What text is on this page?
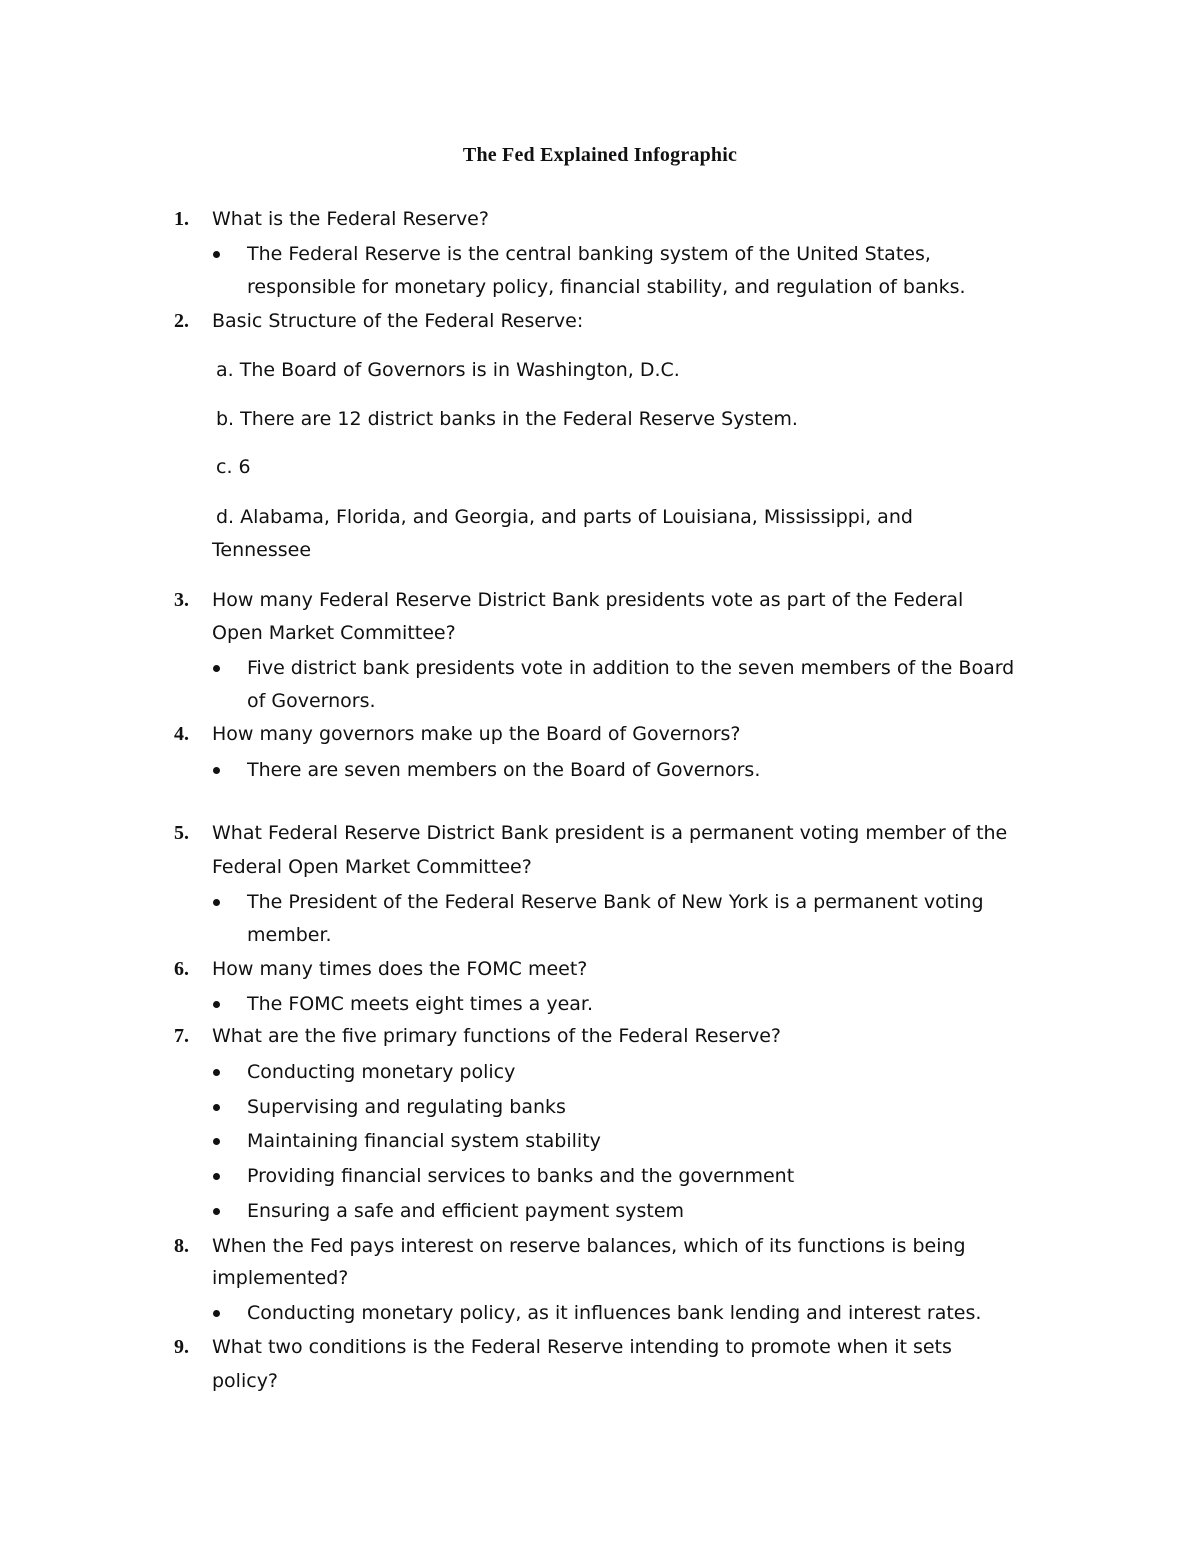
The Fed Explained Infographic
1.	What is the Federal Reserve?
The Federal Reserve is the central banking system of the United States,
responsible for monetary policy, financial stability, and regulation of banks.
2.	Basic Structure of the Federal Reserve:
a. The Board of Governors is in Washington, D.C.
b. There are 12 district banks in the Federal Reserve System.
c. 6
d. Alabama, Florida, and Georgia, and parts of Louisiana, Mississippi, and
Tennessee
3.	How many Federal Reserve District Bank presidents vote as part of the Federal
Open Market Committee?
Five district bank presidents vote in addition to the seven members of the Board
of Governors.
4.	How many governors make up the Board of Governors?
There are seven members on the Board of Governors.
5.	What Federal Reserve District Bank president is a permanent voting member of the
Federal Open Market Committee?
The President of the Federal Reserve Bank of New York is a permanent voting
member.
6.	How many times does the FOMC meet?
The FOMC meets eight times a year.
7.	What are the five primary functions of the Federal Reserve?
Conducting monetary policy
Supervising and regulating banks
Maintaining financial system stability
Providing financial services to banks and the government
Ensuring a safe and efficient payment system
8.	When the Fed pays interest on reserve balances, which of its functions is being
implemented?
Conducting monetary policy, as it influences bank lending and interest rates.
9.	What two conditions is the Federal Reserve intending to promote when it sets
policy?
